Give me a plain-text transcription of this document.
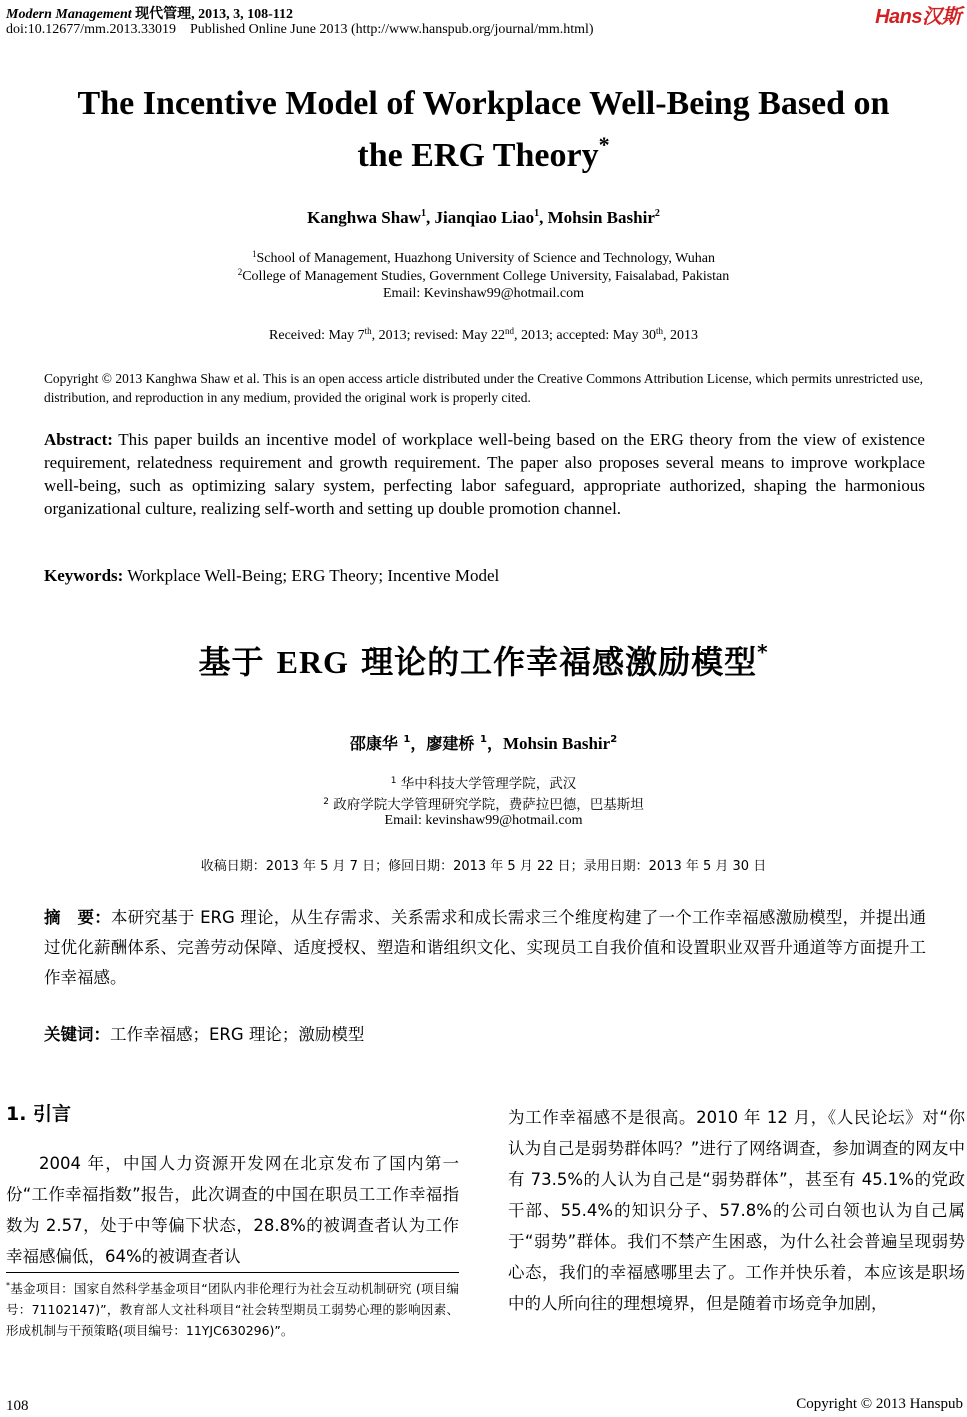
Modern Management 现代管理, 2013, 3, 108-112
doi:10.12677/mm.2013.33019 Published Online June 2013 (http://www.hanspub.org/journal/mm.html)
Hans汉斯
The Incentive Model of Workplace Well-Being Based on
the ERG Theory*
Kanghwa Shaw$^1$, Jianqiao Liao$^1$, Mohsin Bashir$^2$
$^1$School of Management, Huazhong University of Science and Technology, Wuhan
$^2$College of Management Studies, Government College University, Faisalabad, Pakistan
Email: Kevinshaw99@hotmail.com
Received: May 7th, 2013; revised: May 22nd, 2013; accepted: May 30th, 2013
Copyright © 2013 Kanghwa Shaw et al. This is an open access article distributed under the Creative Commons Attribution License, which permits unrestricted use, distribution, and reproduction in any medium, provided the original work is properly cited.
Abstract: This paper builds an incentive model of workplace well-being based on the ERG theory from the view of existence requirement, relatedness requirement and growth requirement. The paper also proposes several means to improve workplace well-being, such as optimizing salary system, perfecting labor safeguard, appropriate authorized, shaping the harmonious organizational culture, realizing self-worth and setting up double promotion channel.
Keywords: Workplace Well-Being; ERG Theory; Incentive Model
基于 ERG 理论的工作幸福感激励模型*
邵康华 $^1$，廖建桥 $^1$，Mohsin Bashir$^2$
$^1$ 华中科技大学管理学院，武汉
$^2$ 政府学院大学管理研究学院，费萨拉巴德，巴基斯坦
Email: kevinshaw99@hotmail.com
收稿日期：2013 年 5 月 7 日；修回日期：2013 年 5 月 22 日；录用日期：2013 年 5 月 30 日
摘　要：本研究基于 ERG 理论，从生存需求、关系需求和成长需求三个维度构建了一个工作幸福感激励模型，并提出通过优化薪酬体系、完善劳动保障、适度授权、塑造和谐组织文化、实现员工自我价值和设置职业双晋升通道等方面提升工作幸福感。
关键词：工作幸福感；ERG 理论；激励模型
1. 引言
2004 年，中国人力资源开发网在北京发布了国内第一份“工作幸福指数”报告，此次调查的中国在职员工工作幸福指数为 2.57，处于中等偏下状态，28.8%的被调查者认为工作幸福感偏低，64%的被调查者认
为工作幸福感不是很高。2010 年 12 月，《人民论坛》对“你认为自己是弱势群体吗？”进行了网络调查，参加调查的网友中有 73.5%的人认为自己是“弱势群体”，甚至有 45.1%的党政干部、55.4%的知识分子、57.8%的公司白领也认为自己属于“弱势”群体。我们不禁产生困惑，为什么社会普遍呈现弱势心态，我们的幸福感哪里去了。工作并快乐着，本应该是职场中的人所向往的理想境界，但是随着市场竞争加剧，
*基金项目：国家自然科学基金项目“团队内非伦理行为社会互动机制研究 (项目编号：71102147)”，教育部人文社科项目“社会转型期员工弱势心理的影响因素、形成机制与干预策略(项目编号：11YJC630296)”。
108	Copyright © 2013 Hanspub
